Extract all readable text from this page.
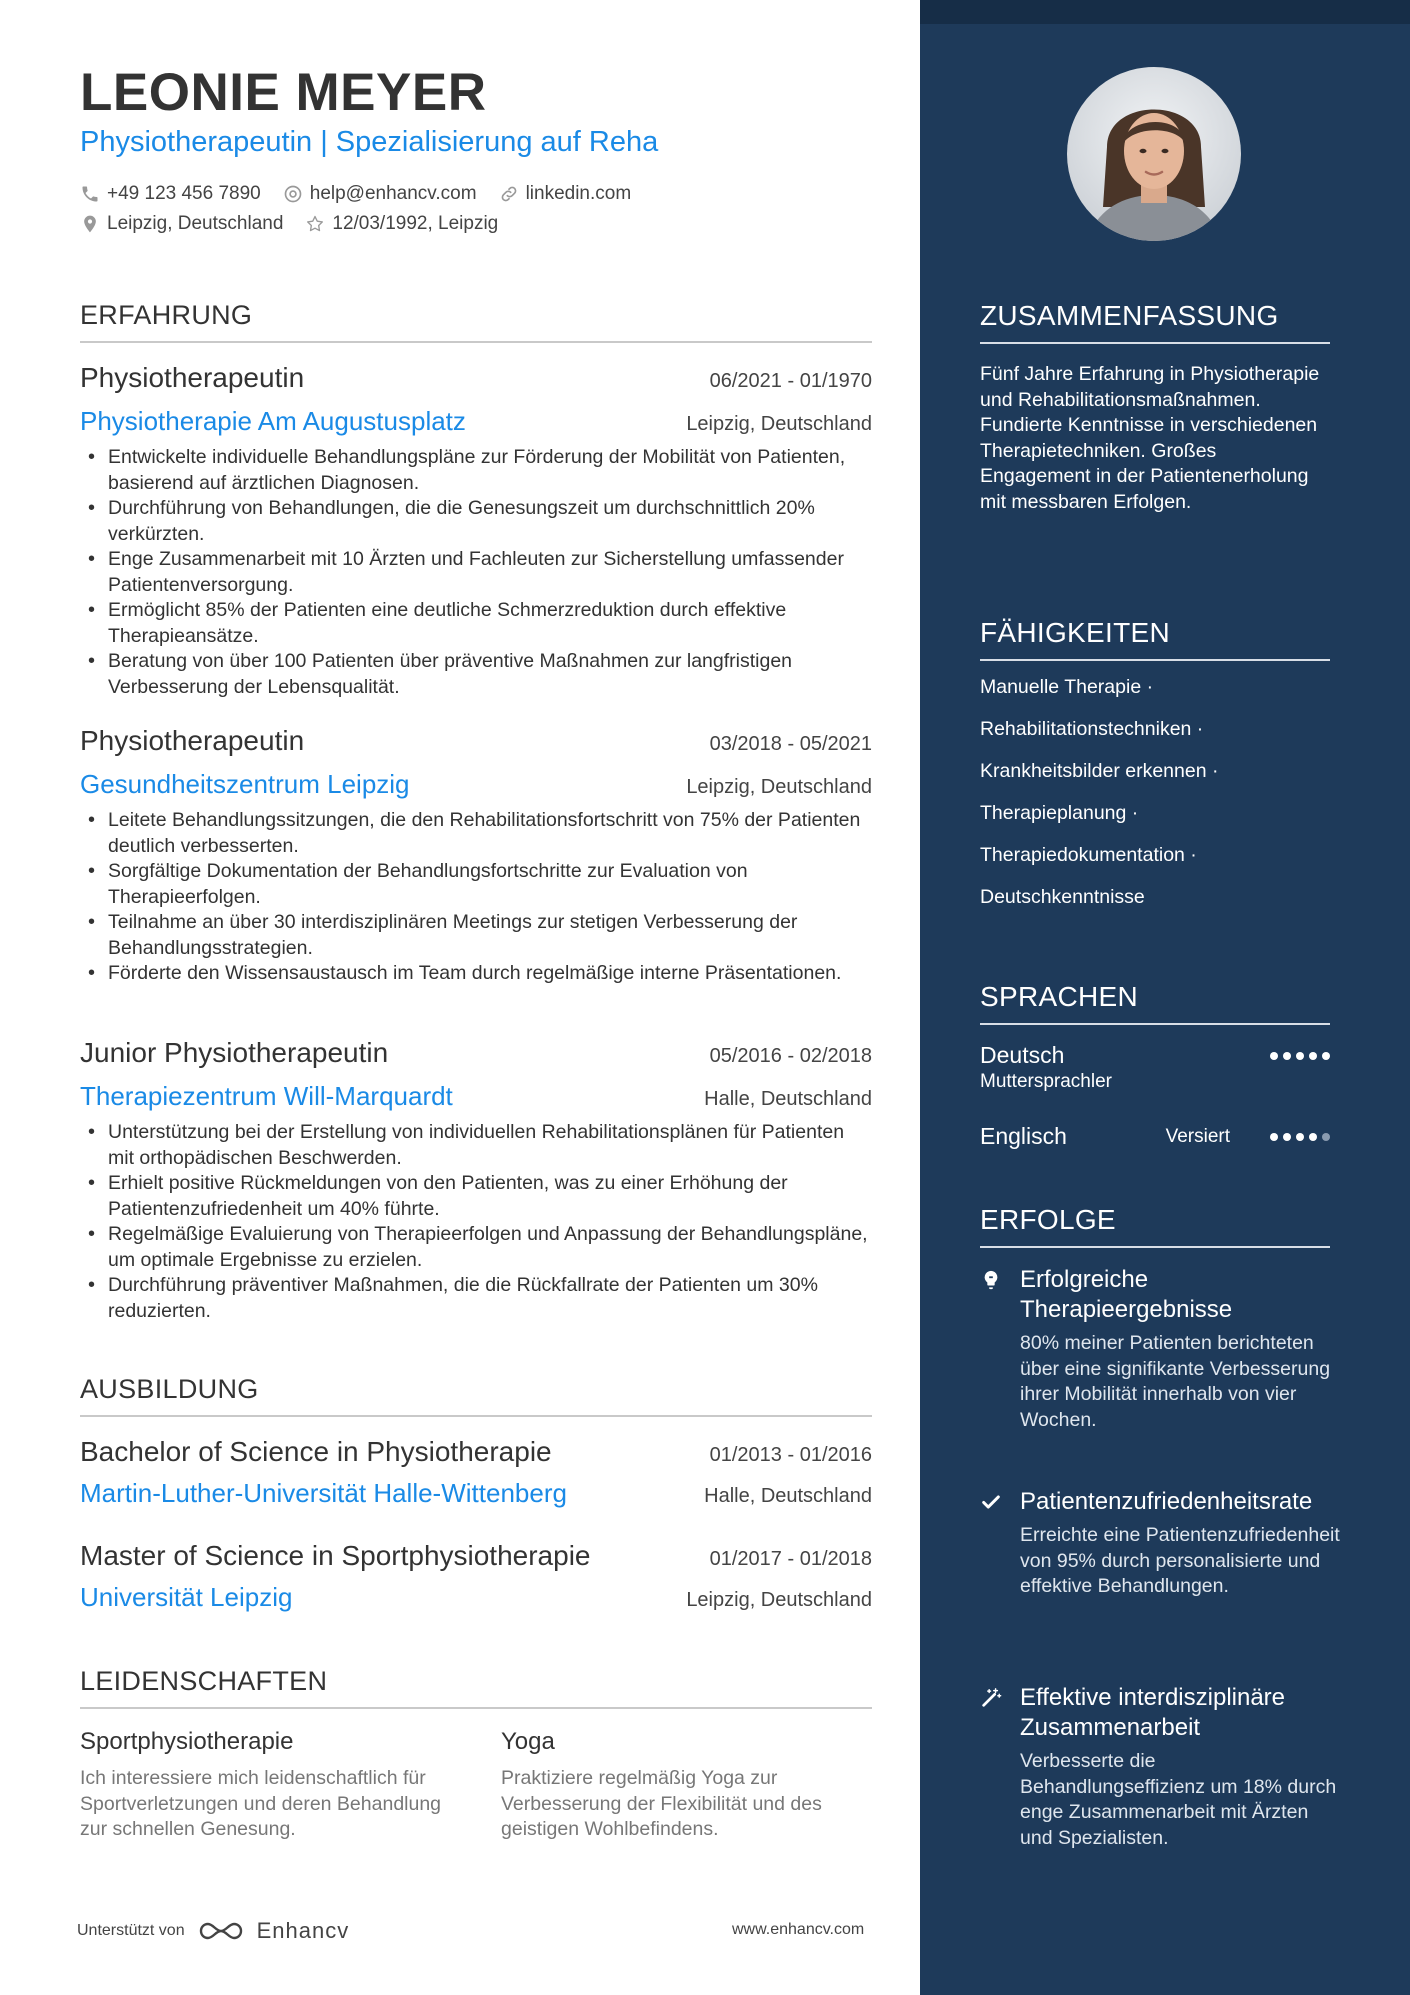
LEONIE MEYER
Physiotherapeutin | Spezialisierung auf Reha
+49 123 456 7890	help@enhancv.com	linkedin.com
Leipzig, Deutschland	12/03/1992, Leipzig
ERFAHRUNG
Physiotherapeutin	06/2021 - 01/1970
Physiotherapie Am Augustusplatz	Leipzig, Deutschland
• Entwickelte individuelle Behandlungspläne zur Förderung der Mobilität von Patienten, basierend auf ärztlichen Diagnosen.
• Durchführung von Behandlungen, die die Genesungszeit um durchschnittlich 20% verkürzten.
• Enge Zusammenarbeit mit 10 Ärzten und Fachleuten zur Sicherstellung umfassender Patientenversorgung.
• Ermöglicht 85% der Patienten eine deutliche Schmerzreduktion durch effektive Therapieansätze.
• Beratung von über 100 Patienten über präventive Maßnahmen zur langfristigen Verbesserung der Lebensqualität.
Physiotherapeutin	03/2018 - 05/2021
Gesundheitszentrum Leipzig	Leipzig, Deutschland
• Leitete Behandlungssitzungen, die den Rehabilitationsfortschritt von 75% der Patienten deutlich verbesserten.
• Sorgfältige Dokumentation der Behandlungsfortschritte zur Evaluation von Therapieerfolgen.
• Teilnahme an über 30 interdisziplinären Meetings zur stetigen Verbesserung der Behandlungsstrategien.
• Förderte den Wissensaustausch im Team durch regelmäßige interne Präsentationen.
Junior Physiotherapeutin	05/2016 - 02/2018
Therapiezentrum Will-Marquardt	Halle, Deutschland
• Unterstützung bei der Erstellung von individuellen Rehabilitationsplänen für Patienten mit orthopädischen Beschwerden.
• Erhielt positive Rückmeldungen von den Patienten, was zu einer Erhöhung der Patientenzufriedenheit um 40% führte.
• Regelmäßige Evaluierung von Therapieerfolgen und Anpassung der Behandlungspläne, um optimale Ergebnisse zu erzielen.
• Durchführung präventiver Maßnahmen, die die Rückfallrate der Patienten um 30% reduzierten.
AUSBILDUNG
Bachelor of Science in Physiotherapie	01/2013 - 01/2016
Martin-Luther-Universität Halle-Wittenberg	Halle, Deutschland
Master of Science in Sportphysiotherapie	01/2017 - 01/2018
Universität Leipzig	Leipzig, Deutschland
LEIDENSCHAFTEN
Sportphysiotherapie
Ich interessiere mich leidenschaftlich für Sportverletzungen und deren Behandlung zur schnellen Genesung.
Yoga
Praktiziere regelmäßig Yoga zur Verbesserung der Flexibilität und des geistigen Wohlbefindens.
Unterstützt von	Enhancv	www.enhancv.com
ZUSAMMENFASSUNG
Fünf Jahre Erfahrung in Physiotherapie und Rehabilitationsmaßnahmen. Fundierte Kenntnisse in verschiedenen Therapietechniken. Großes Engagement in der Patientenerholung mit messbaren Erfolgen.
FÄHIGKEITEN
Manuelle Therapie ·
Rehabilitationstechniken ·
Krankheitsbilder erkennen ·
Therapieplanung ·
Therapiedokumentation ·
Deutschkenntnisse
SPRACHEN
Deutsch
Muttersprachler
Englisch	Versiert
ERFOLGE
Erfolgreiche Therapieergebnisse
80% meiner Patienten berichteten über eine signifikante Verbesserung ihrer Mobilität innerhalb von vier Wochen.
Patientenzufriedenheitsrate
Erreichte eine Patientenzufriedenheit von 95% durch personalisierte und effektive Behandlungen.
Effektive interdisziplinäre Zusammenarbeit
Verbesserte die Behandlungseffizienz um 18% durch enge Zusammenarbeit mit Ärzten und Spezialisten.
